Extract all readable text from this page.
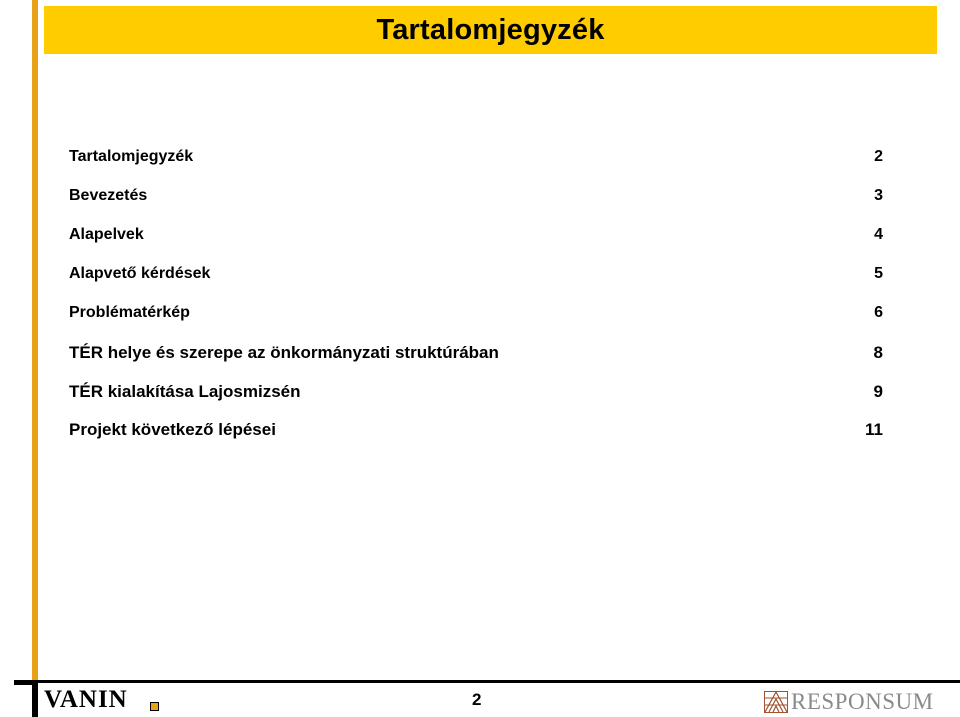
Tartalomjegyzék
Tartalomjegyzék	2
Bevezetés	3
Alapelvek	4
Alapvető kérdések	5
Problématérkép	6
TÉR helye és szerepe az önkormányzati struktúrában	8
TÉR kialakítása Lajosmizsén	9
Projekt következő lépései	11
VANIN	2	RESPONSUM
